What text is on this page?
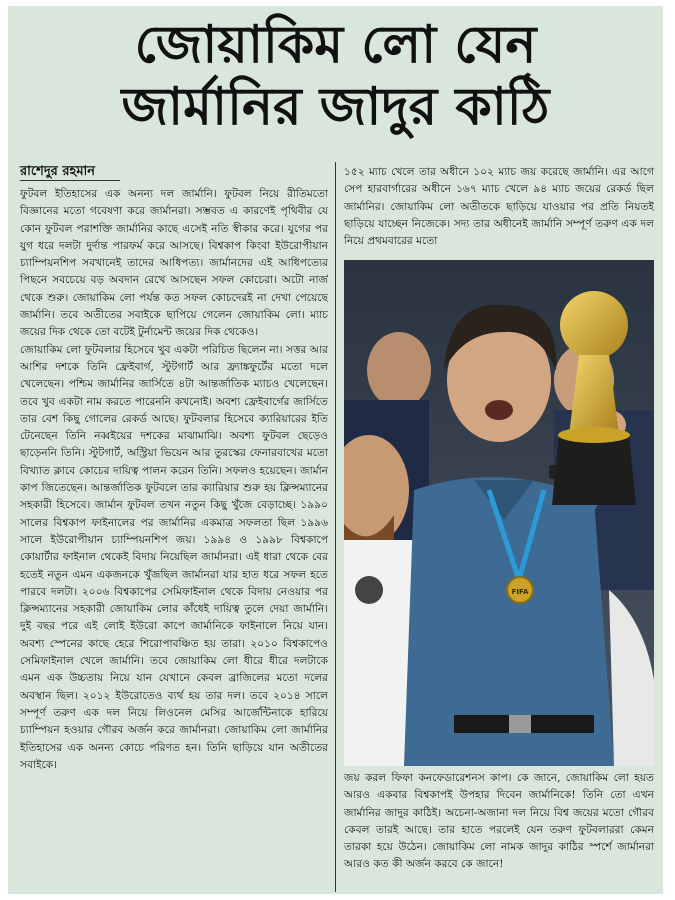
জোয়াকিম লো যেন
জার্মানির জাদুর কাঠি
রাশেদুর রহমান

ফুটবল ইতিহাসের এক অনন্য দল জার্মানি। ফুটবল নিয়ে রীতিমতো বিজ্ঞানের মতো গবেষণা করে জার্মানরা। সম্ভবত এ কারণেই পৃথিবীর যে কোন ফুটবল পরাশক্তি জার্মানির কাছে এসেই নতি স্বীকার করে। যুগের পর যুগ ধরে দলটা দুর্দান্ত পারফর্ম করে আসছে। বিশ্বকাপ কিংবা ইউরোপীয়ান চ্যাম্পিয়নশিপ সবখানেই তাদের আধিপত্য। জার্মানদের এই আধিপত্যের পিছনে সবচেয়ে বড় অবদান রেখে আসছেন সফল কোচেরা। অটো নার্জ থেকে শুরু। জোয়াকিম লো পর্যন্ত কত সফল কোচদেরই না দেখা পেয়েছে জার্মানি। তবে অতীতের সবাইকে ছাপিয়ে গেলেন জোয়াকিম লো। ম্যাচ জয়ের দিক থেকে তো বটেই টুর্নামেন্ট জয়ের দিক থেকেও।

জোয়াকিম লো ফুটবলার হিসেবে খুব একটা পরিচিত ছিলেন না। সত্তর আর আশির দশকে তিনি ফ্রেইবার্গ, স্টুটগার্ট আর ফ্র্যাঙ্কফুর্টের মতো দলে খেলেছেন। পশ্চিম জার্মানির জার্সিতে ৪টা আন্তর্জাতিক ম্যাচও খেলেছেন। তবে খুব একটা নাম করতে পারেননি কখনোই। অবশ্য ফ্রেইবার্গের জার্সিতে তার বেশ কিছু গোলের রেকর্ড আছে। ফুটবলার হিসেবে ক্যারিয়ারের ইতি টেনেছেন তিনি নব্বইয়ের দশকের মাঝামাঝি। অবশ্য ফুটবল ছেড়েও ছাড়েননি তিনি। স্টুটগার্ট, অস্ট্রিয়া ভিয়েন আর তুরস্কের ফেনারবাখের মতো বিখ্যাত ক্লাবে কোচের দায়িত্ব পালন করেন তিনি। সফলও হয়েছেন। জার্মান কাপ জিতেছেন। আন্তর্জাতিক ফুটবলে তার ক্যারিয়ার শুরু হয় ক্লিন্সম্যানের সহকারী হিসেবে। জার্মান ফুটবল তখন নতুন কিছু খুঁজে বেড়াচ্ছে। ১৯৯০ সালের বিশ্বকাপ ফাইনালের পর জার্মানির একমাত্র সফলতা ছিল ১৯৯৬ সালে ইউরোপীয়ান চ্যাম্পিয়নশিপ জয়। ১৯৯৪ ও ১৯৯৮ বিশ্বকাপে কোয়ার্টার ফাইনাল থেকেই বিদায় নিয়েছিল জার্মানরা। এই ধারা থেকে বের হতেই নতুন এমন একজনকে খুঁজছিল জার্মানরা যার হাত ধরে সফল হতে পারবে দলটা। ২০০৬ বিশ্বকাপের সেমিফাইনাল থেকে বিদায় নেওয়ার পর ক্লিন্সম্যানের সহকারী জোয়াকিম লোর কাঁধেই দায়িত্ব তুলে দেয়া জার্মানি। দুই বছর পরে এই লোই ইউরো কাপে জার্মানিকে ফাইনালে নিয়ে যান। অবশ্য স্পেনের কাছে হেরে শিরোপাবঞ্চিত হয় তারা। ২০১০ বিশ্বকাপেও সেমিফাইনাল খেলে জার্মানি। তবে জোয়াকিম লো ধীরে ধীরে দলটাকে এমন এক উচ্চতায় নিয়ে যান যেখানে কেবল ব্রাজিলের মতো দলের অবস্থান ছিল। ২০১২ ইউরোতেও ব্যর্থ হয় তার দল। তবে ২০১৪ সালে সম্পূর্ণ তরুণ এক দল নিয়ে লিওনেল মেসির আর্জেন্টিনাকে হারিয়ে চ্যাম্পিয়ন হওয়ার গৌরব অর্জন করে জার্মানরা। জোয়াকিম লো জার্মানির ইতিহাসের এক অনন্য কোচে পরিণত হন। তিনি ছাড়িয়ে যান অতীতের সবাইকে।

১৫২ ম্যাচ খেলে তার অধীনে ১০২ ম্যাচ জয় করেছে জার্মানি। এর আগে সেপ হারবার্গারের অধীনে ১৬৭ ম্যাচ খেলে ৯৪ ম্যাচ জয়ের রেকর্ড ছিল জার্মানির। জোয়াকিম লো অতীতকে ছাড়িয়ে যাওয়ার পর প্রতি নিয়তই ছাড়িয়ে যাচ্ছেন নিজেকে। সদ্য তার অধীনেই জার্মানি সম্পূর্ণ তরুণ এক দল নিয়ে প্রথমবারের মতো

FIFA

জয় করল ফিফা কনফেডারেশনস কাপ। কে জানে, জোয়াকিম লো হয়ত আরও একবার বিশ্বকাপই উপহার দিবেন জার্মানিকে! তিনি তো এখন জার্মানির জাদুর কাঠিই। অচেনা-অজানা দল নিয়ে বিশ্ব জয়ের মতো গৌরব কেবল তারই আছে। তার হাতে পরলেই যেন তরুণ ফুটবলাররা কেমন তারকা হয়ে উঠেন। জোয়াকিম লো নামক জাদুর কাঠির স্পর্শে জার্মানরা আরও কত কী অর্জন করবে কে জানে!
